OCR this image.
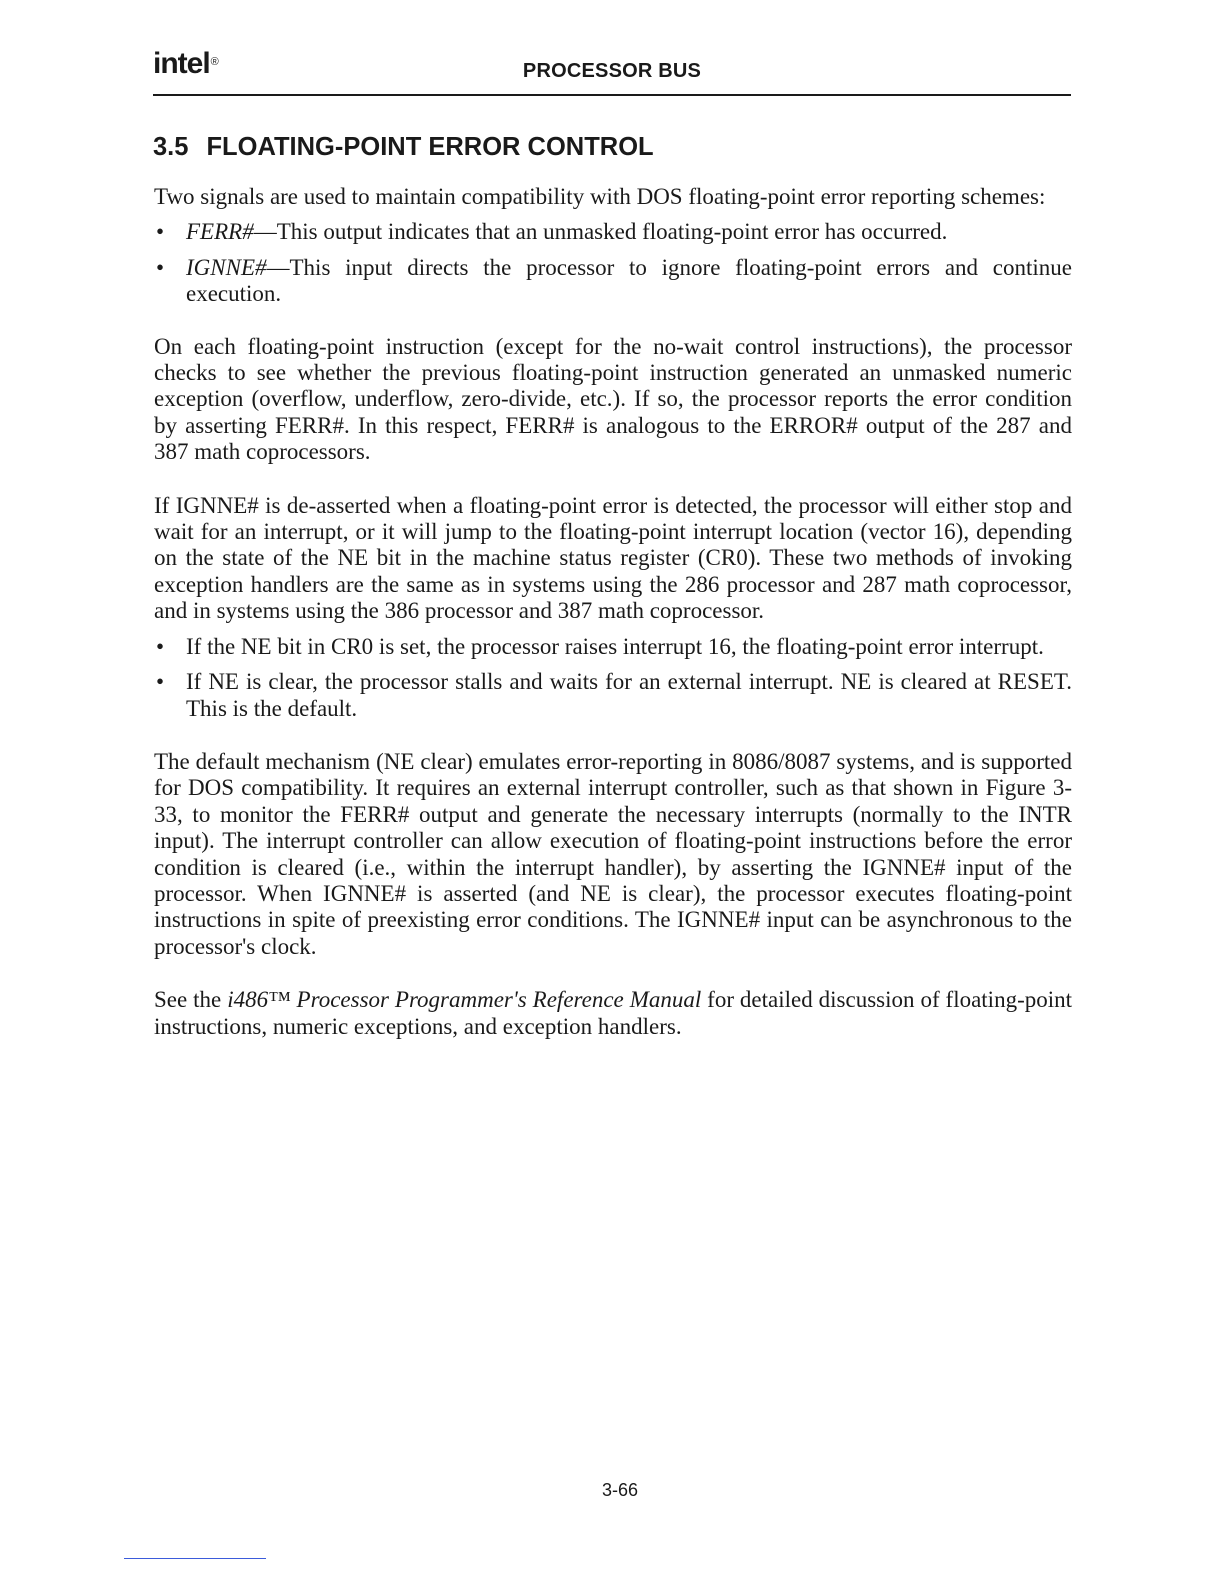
intel®	PROCESSOR BUS
3.5 FLOATING-POINT ERROR CONTROL

Two signals are used to maintain compatibility with DOS floating-point error reporting schemes:

• FERR#—This output indicates that an unmasked floating-point error has occurred.
• IGNNE#—This input directs the processor to ignore floating-point errors and continue execution.

On each floating-point instruction (except for the no-wait control instructions), the processor checks to see whether the previous floating-point instruction generated an unmasked numeric exception (overflow, underflow, zero-divide, etc.). If so, the processor reports the error condition by asserting FERR#. In this respect, FERR# is analogous to the ERROR# output of the 287 and 387 math coprocessors.

If IGNNE# is de-asserted when a floating-point error is detected, the processor will either stop and wait for an interrupt, or it will jump to the floating-point interrupt location (vector 16), depending on the state of the NE bit in the machine status register (CR0). These two methods of invoking exception handlers are the same as in systems using the 286 processor and 287 math coprocessor, and in systems using the 386 processor and 387 math coprocessor.

• If the NE bit in CR0 is set, the processor raises interrupt 16, the floating-point error interrupt.
• If NE is clear, the processor stalls and waits for an external interrupt. NE is cleared at RESET. This is the default.

The default mechanism (NE clear) emulates error-reporting in 8086/8087 systems, and is supported for DOS compatibility. It requires an external interrupt controller, such as that shown in Figure 3-33, to monitor the FERR# output and generate the necessary interrupts (normally to the INTR input). The interrupt controller can allow execution of floating-point instructions before the error condition is cleared (i.e., within the interrupt handler), by asserting the IGNNE# input of the processor. When IGNNE# is asserted (and NE is clear), the processor executes floating-point instructions in spite of preexisting error conditions. The IGNNE# input can be asynchronous to the processor's clock.

See the i486™ Processor Programmer's Reference Manual for detailed discussion of floating-point instructions, numeric exceptions, and exception handlers.

3-66
